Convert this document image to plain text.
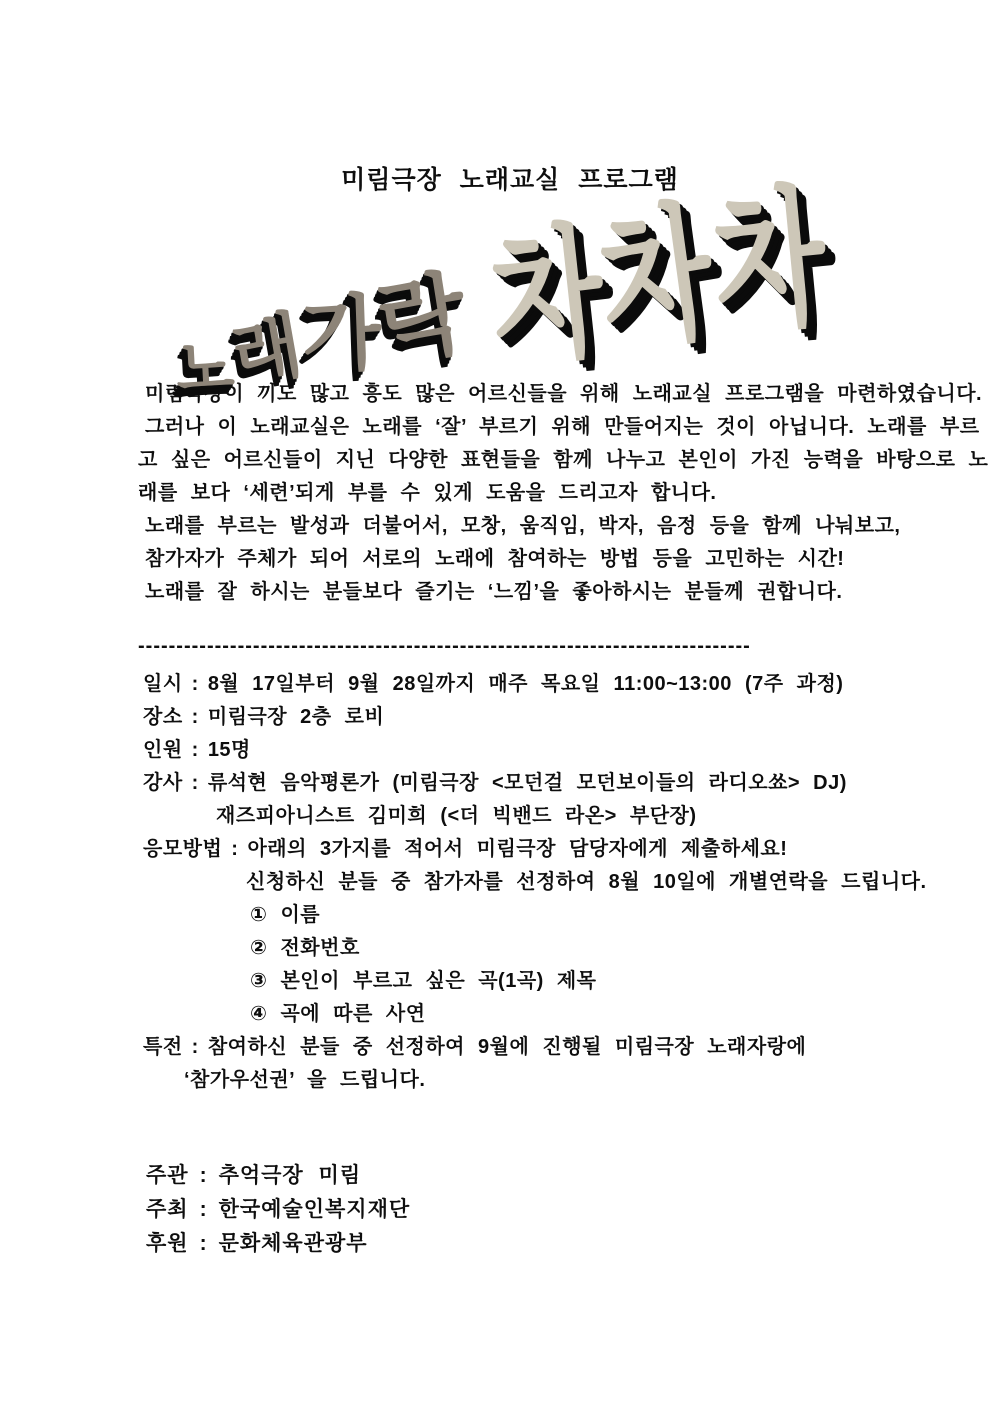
미림극장 노래교실 프로그램
노
래
가
락 차
차
차
미림극장이 끼도 많고 흥도 많은 어르신들을 위해 노래교실 프로그램을 마련하였습니다.
그러나 이 노래교실은 노래를 ‘잘’ 부르기 위해 만들어지는 것이 아닙니다. 노래를 부르
고 싶은 어르신들이 지닌 다양한 표현들을 함께 나누고 본인이 가진 능력을 바탕으로 노
래를 보다 ‘세련’되게 부를 수 있게 도움을 드리고자 합니다.
노래를 부르는 발성과 더불어서, 모창, 움직임, 박자, 음정 등을 함께 나눠보고,
참가자가 주체가 되어 서로의 노래에 참여하는 방법 등을 고민하는 시간!
노래를 잘 하시는 분들보다 즐기는 ‘느낌’을 좋아하시는 분들께 권합니다.
--------------------------------------------------------------------------------
일시 : 8월 17일부터 9월 28일까지 매주 목요일 11:00~13:00 (7주 과정)
장소 : 미림극장 2층 로비
인원 : 15명
강사 : 류석현 음악평론가 (미림극장 <모던걸 모던보이들의 라디오쑈> DJ)
재즈피아니스트 김미희 (<더 빅밴드 라온> 부단장)
응모방법 : 아래의 3가지를 적어서 미림극장 담당자에게 제출하세요!
신청하신 분들 중 참가자를 선정하여 8월 10일에 개별연락을 드립니다.
① 이름
② 전화번호
③ 본인이 부르고 싶은 곡(1곡) 제목
④ 곡에 따른 사연
특전 : 참여하신 분들 중 선정하여 9월에 진행될 미림극장 노래자랑에
‘참가우선권’ 을 드립니다.
주관 : 추억극장 미림
주최 : 한국예술인복지재단
후원 : 문화체육관광부
